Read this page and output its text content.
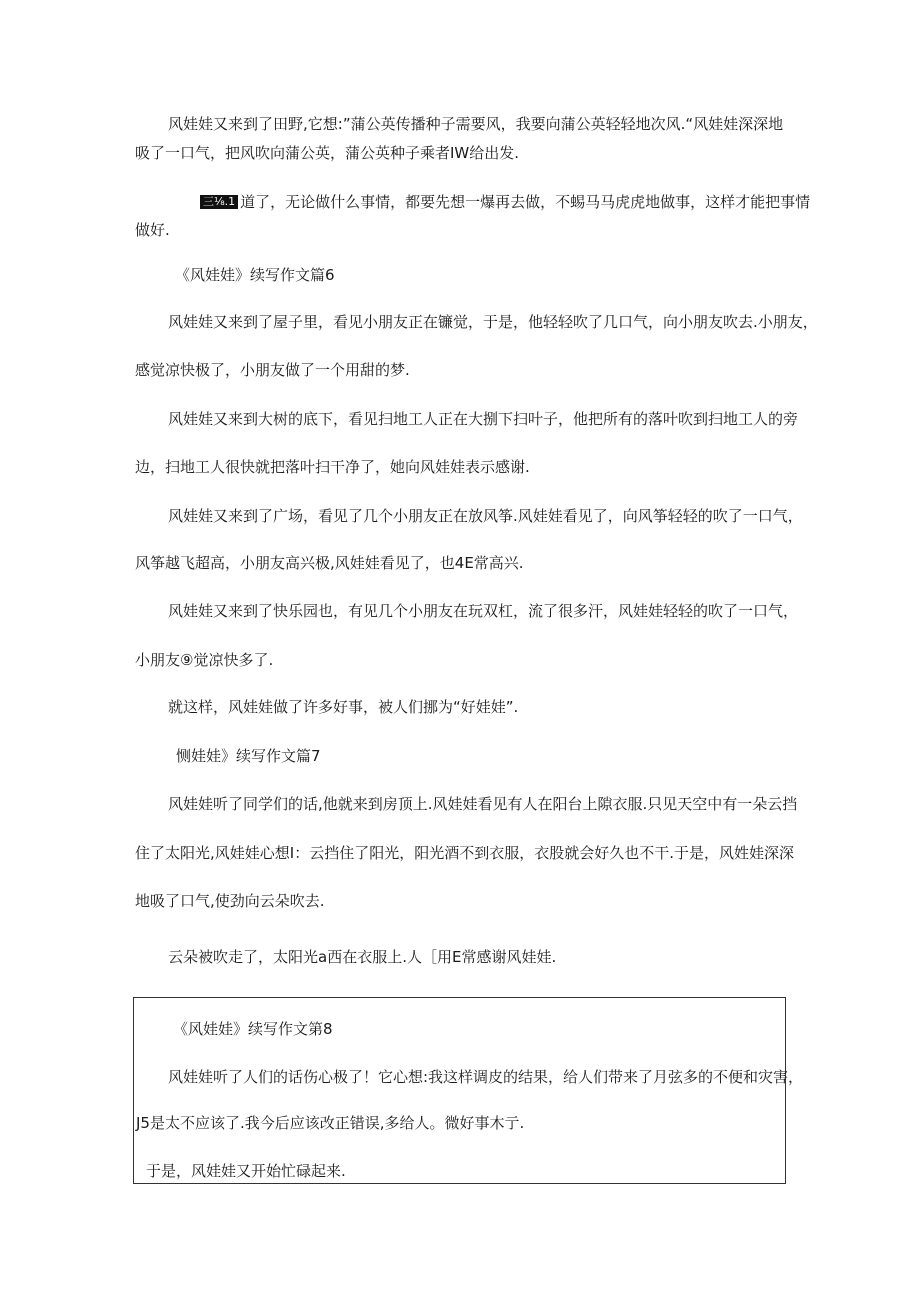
风娃娃又来到了田野,它想:”蒲公英传播种子需要风，我要向蒲公英轻轻地次风.“风娃娃深深地
吸了一口气，把风吹向蒲公英，蒲公英种子乘者IW给出发.
三⅛.1 道了，无论做什么事情，都要先想一爆再去做，不蜴马马虎虎地做事，这样才能把事情
做好.
《风娃娃》续写作文篇6
风娃娃又来到了屋子里，看见小朋友正在镰觉，于是，他轻轻吹了几口气，向小朋友吹去.小朋友，
感觉凉快极了，小朋友做了一个用甜的梦.
风娃娃又来到大树的底下，看见扫地工人正在大捌下扫叶子，他把所有的落叶吹到扫地工人的旁
边，扫地工人很快就把落叶扫干净了，她向风娃娃表示感谢.
风娃娃又来到了广场，看见了几个小朋友正在放风筝.风娃娃看见了，向风筝轻轻的吹了一口气，
风筝越飞超高，小朋友高兴极,风娃娃看见了，也4E常高兴.
风娃娃又来到了快乐园也，有见几个小朋友在玩双杠，流了很多汗，风娃娃轻轻的吹了一口气，
小朋友⑨觉凉快多了.
就这样，风娃娃做了许多好事，被人们挪为“好娃娃”.
恻娃娃》续写作文篇7
风娃娃听了同学们的话,他就来到房顶上.风娃娃看见有人在阳台上隙衣服.只见天空中有一朵云挡
住了太阳光,风娃娃心想I：云挡住了阳光，阳光酒不到衣服，衣股就会好久也不干.于是，风姓娃深深
地吸了口气,使劲向云朵吹去.
云朵被吹走了，太阳光a西在衣服上.人［用E常感谢风娃娃.
《风娃娃》续写作文第8
风娃娃听了人们的话伤心极了！它心想:我这样调皮的结果，给人们带来了月弦多的不便和灾害，
J5是太不应该了.我今后应该改正错误,多给人。微好事木亍.
于是，风娃娃又开始忙碌起来.
